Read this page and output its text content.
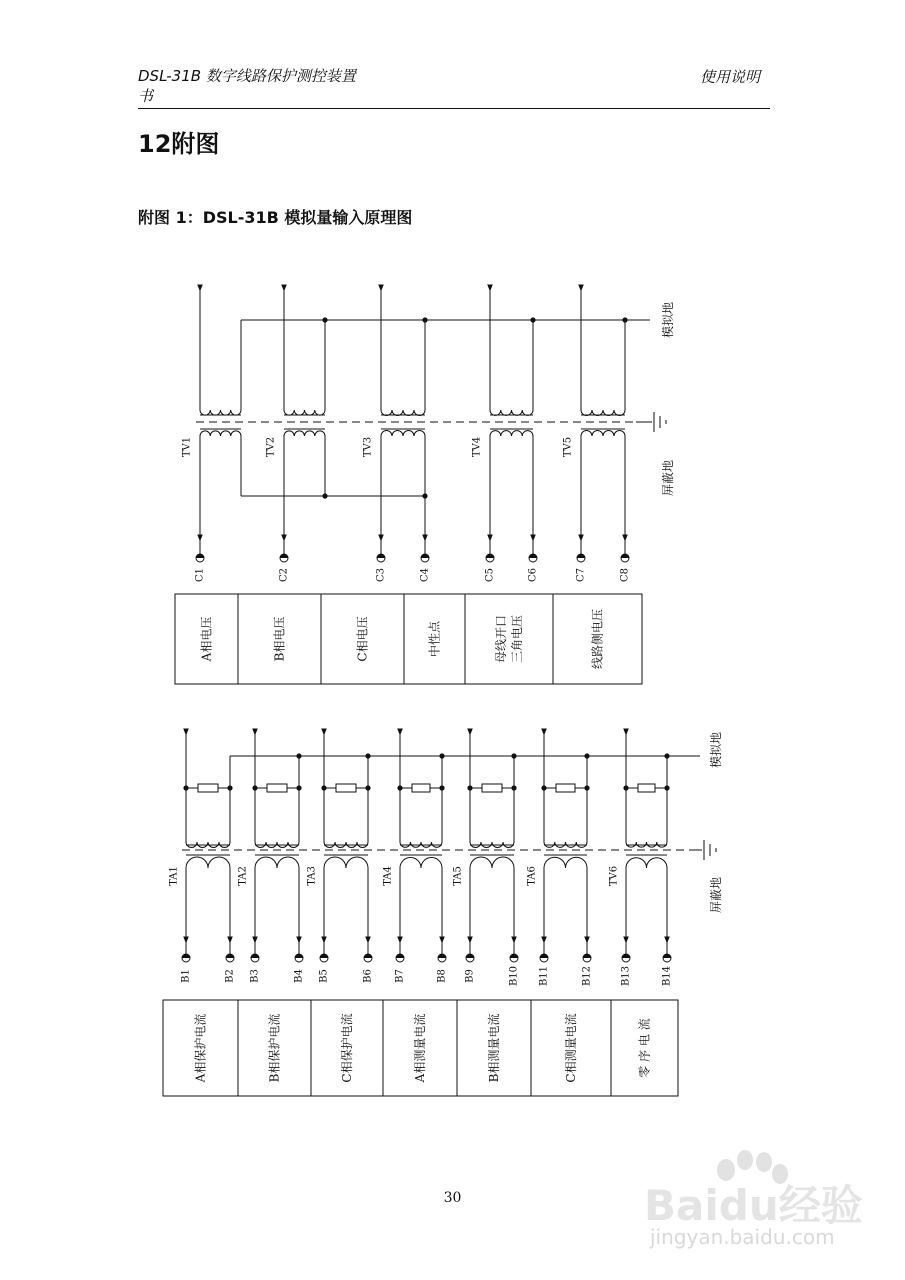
DSL-31B 数字线路保护测控装置
书
使用说明
12附图
附图 1：DSL-31B 模拟量输入原理图
模拟地
屏蔽地
TV1	TV2	TV3	TV4	TV5
C1	C2	C3	C4	C5	C6	C7	C8
A相电压	B相电压	C相电压	中性点	母线开口 三角电压	线路侧电压
模拟地
屏蔽地
TA1
B1	B2
TA2
B3	B4
TA3
B5	B6
TA4
B7	B8
TA5
B9	B10
TA6
B11	B12
TV6
B13	B14
A相保护电流	B相保护电流	C相保护电流	A相测量电流	B相测量电流	C相测量电流	零 序 电 流
30	Baidu经验
jingyan.baidu.com
